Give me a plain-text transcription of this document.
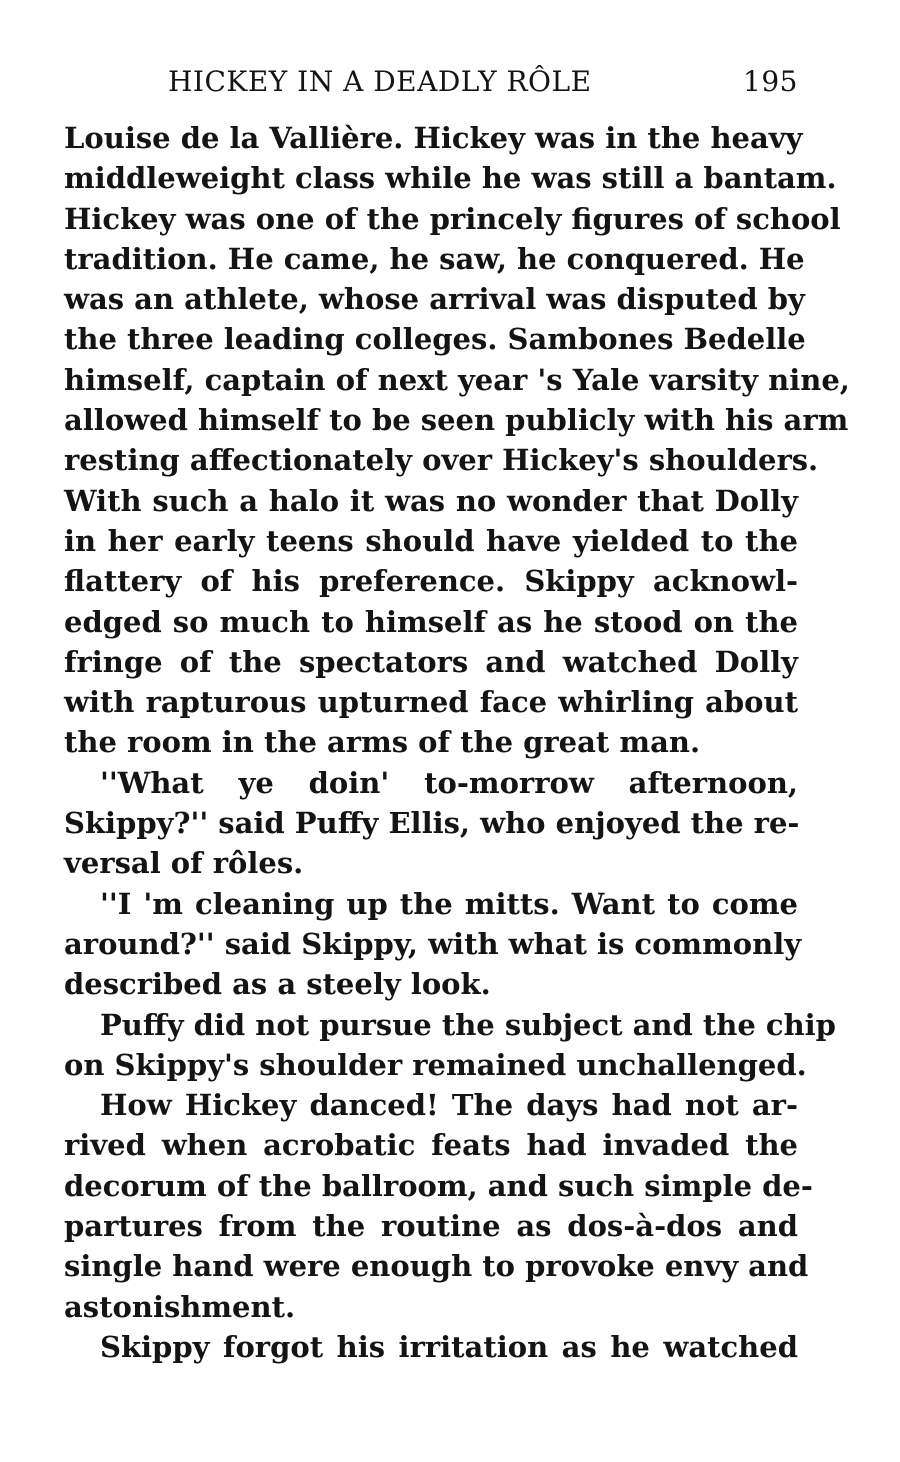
HICKEY IN A DEADLY RÔLE	195

Louise de la Vallière. Hickey was in the heavy
middleweight class while he was still a bantam.
Hickey was one of the princely figures of school
tradition. He came, he saw, he conquered. He
was an athlete, whose arrival was disputed by
the three leading colleges. Sambones Bedelle
himself, captain of next year 's Yale varsity nine,
allowed himself to be seen publicly with his arm
resting affectionately over Hickey's shoulders.
With such a halo it was no wonder that Dolly
in her early teens should have yielded to the
flattery of his preference. Skippy acknowl-
edged so much to himself as he stood on the
fringe of the spectators and watched Dolly
with rapturous upturned face whirling about
the room in the arms of the great man.

''What ye doin' to-morrow afternoon,
Skippy?'' said Puffy Ellis, who enjoyed the re-
versal of rôles.

''I 'm cleaning up the mitts. Want to come
around?'' said Skippy, with what is commonly
described as a steely look.

Puffy did not pursue the subject and the chip
on Skippy's shoulder remained unchallenged.

How Hickey danced! The days had not ar-
rived when acrobatic feats had invaded the
decorum of the ballroom, and such simple de-
partures from the routine as dos-à-dos and
single hand were enough to provoke envy and
astonishment.

Skippy forgot his irritation as he watched
